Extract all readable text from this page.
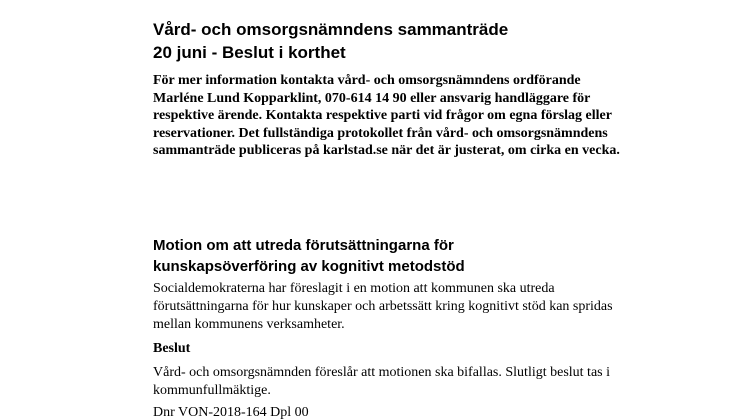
Vård- och omsorgsnämndens sammanträde
20 juni - Beslut i korthet

För mer information kontakta vård- och omsorgsnämndens ordförande Marléne Lund Kopparklint, 070-614 14 90 eller ansvarig handläggare för respektive ärende. Kontakta respektive parti vid frågor om egna förslag eller reservationer. Det fullständiga protokollet från vård- och omsorgsnämndens sammanträde publiceras på karlstad.se när det är justerat, om cirka en vecka.

Motion om att utreda förutsättningarna för
kunskapsöverföring av kognitivt metodstöd

Socialdemokraterna har föreslagit i en motion att kommunen ska utreda förutsättningarna för hur kunskaper och arbetssätt kring kognitivt stöd kan spridas mellan kommunens verksamheter.

Beslut

Vård- och omsorgsnämnden föreslår att motionen ska bifallas. Slutligt beslut tas i kommunfullmäktige.

Dnr VON-2018-164 Dpl 00
